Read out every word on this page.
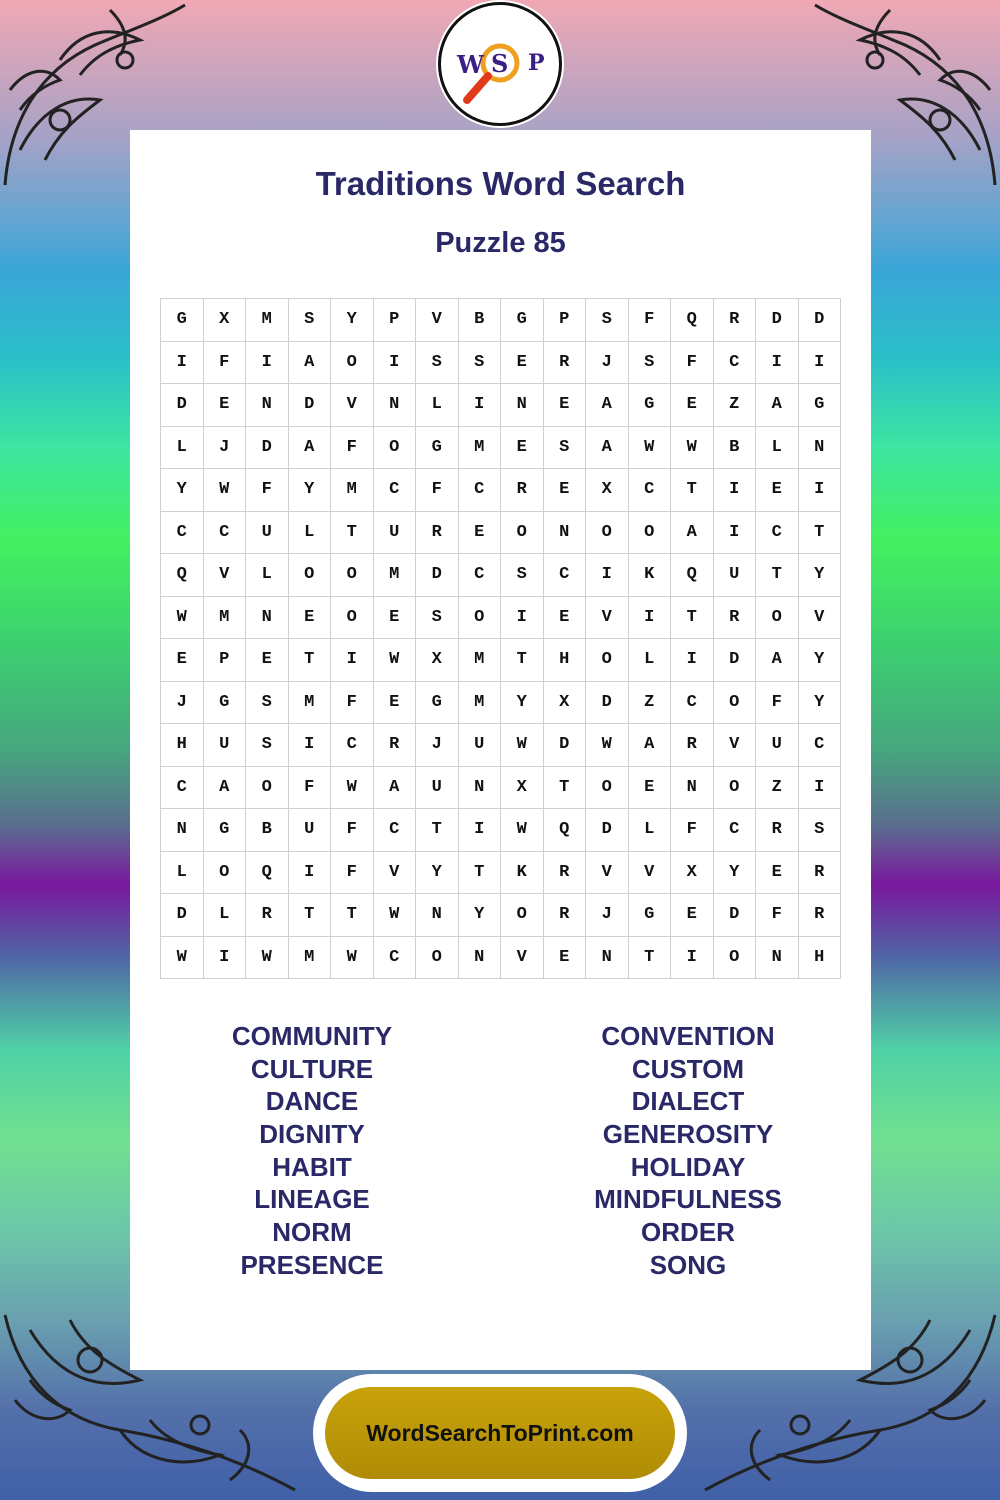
W S P
Traditions Word Search
Puzzle 85
G	X	M	S	Y	P	V	B	G	P	S	F	Q	R	D	D
I	F	I	A	O	I	S	S	E	R	J	S	F	C	I	I
D	E	N	D	V	N	L	I	N	E	A	G	E	Z	A	G
L	J	D	A	F	O	G	M	E	S	A	W	W	B	L	N
Y	W	F	Y	M	C	F	C	R	E	X	C	T	I	E	I
C	C	U	L	T	U	R	E	O	N	O	O	A	I	C	T
Q	V	L	O	O	M	D	C	S	C	I	K	Q	U	T	Y
W	M	N	E	O	E	S	O	I	E	V	I	T	R	O	V
E	P	E	T	I	W	X	M	T	H	O	L	I	D	A	Y
J	G	S	M	F	E	G	M	Y	X	D	Z	C	O	F	Y
H	U	S	I	C	R	J	U	W	D	W	A	R	V	U	C
C	A	O	F	W	A	U	N	X	T	O	E	N	O	Z	I
N	G	B	U	F	C	T	I	W	Q	D	L	F	C	R	S
L	O	Q	I	F	V	Y	T	K	R	V	V	X	Y	E	R
D	L	R	T	T	W	N	Y	O	R	J	G	E	D	F	R
W	I	W	M	W	C	O	N	V	E	N	T	I	O	N	H
COMMUNITY
CULTURE
DANCE
DIGNITY
HABIT
LINEAGE
NORM
PRESENCE
CONVENTION
CUSTOM
DIALECT
GENEROSITY
HOLIDAY
MINDFULNESS
ORDER
SONG
WordSearchToPrint.com
